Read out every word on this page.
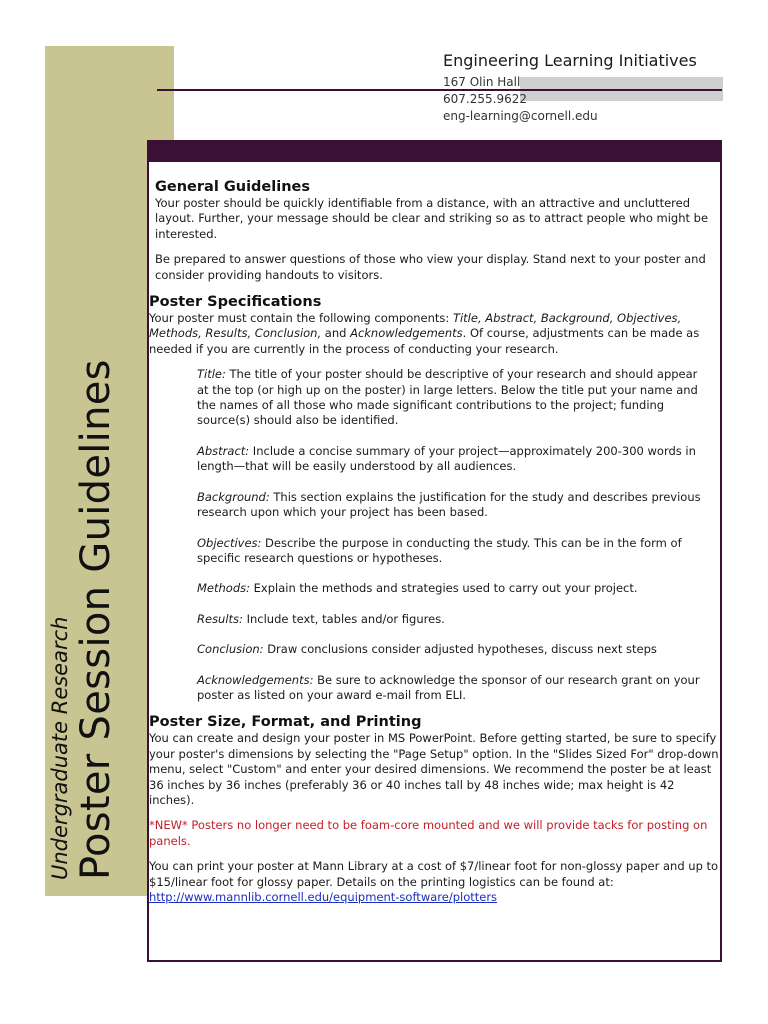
Undergraduate Research Poster Session Guidelines
Engineering Learning Initiatives
167 Olin Hall
607.255.9622
eng-learning@cornell.edu
General Guidelines

Your poster should be quickly identifiable from a distance, with an attractive and uncluttered layout. Further, your message should be clear and striking so as to attract people who might be interested.

Be prepared to answer questions of those who view your display. Stand next to your poster and consider providing handouts to visitors.

Poster Specifications

Your poster must contain the following components: Title, Abstract, Background, Objectives, Methods, Results, Conclusion, and Acknowledgements. Of course, adjustments can be made as needed if you are currently in the process of conducting your research.

Title: The title of your poster should be descriptive of your research and should appear at the top (or high up on the poster) in large letters. Below the title put your name and the names of all those who made significant contributions to the project; funding source(s) should also be identified.
Abstract: Include a concise summary of your project—approximately 200-300 words in length—that will be easily understood by all audiences.
Background: This section explains the justification for the study and describes previous research upon which your project has been based.
Objectives: Describe the purpose in conducting the study. This can be in the form of specific research questions or hypotheses.
Methods: Explain the methods and strategies used to carry out your project.
Results: Include text, tables and/or figures.
Conclusion: Draw conclusions consider adjusted hypotheses, discuss next steps
Acknowledgements: Be sure to acknowledge the sponsor of our research grant on your poster as listed on your award e-mail from ELI.
Poster Size, Format, and Printing

You can create and design your poster in MS PowerPoint. Before getting started, be sure to specify your poster's dimensions by selecting the "Page Setup" option. In the "Slides Sized For" drop-down menu, select "Custom" and enter your desired dimensions. We recommend the poster be at least 36 inches by 36 inches (preferably 36 or 40 inches tall by 48 inches wide; max height is 42 inches).

*NEW* Posters no longer need to be foam-core mounted and we will provide tacks for posting on panels.

You can print your poster at Mann Library at a cost of $7/linear foot for non-glossy paper and up to $15/linear foot for glossy paper. Details on the printing logistics can be found at:

http://www.mannlib.cornell.edu/equipment-software/plotters
